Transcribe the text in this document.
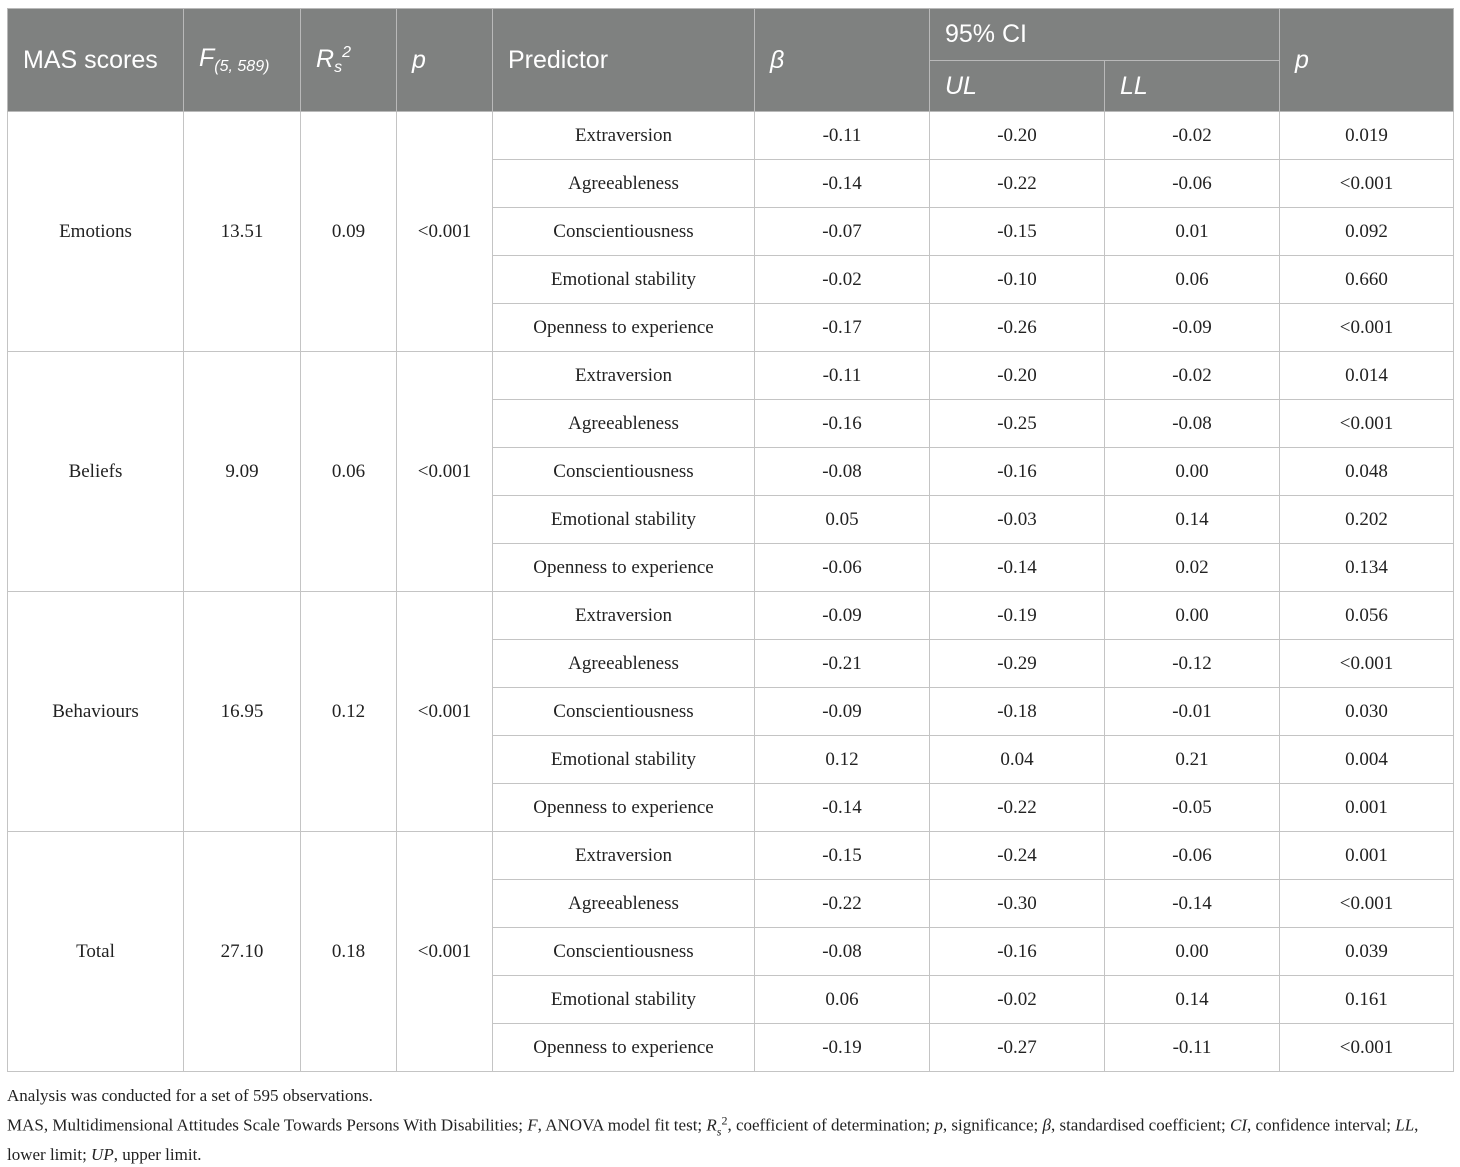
MAS scores	$F_{(5, 589)}$	$R_s^2$	p	Predictor	β	95% CI		p
						UL	LL	
Emotions	13.51	0.09	<0.001	Extraversion	-0.11	-0.20	-0.02	0.019
				Agreeableness	-0.14	-0.22	-0.06	<0.001
				Conscientiousness	-0.07	-0.15	0.01	0.092
				Emotional stability	-0.02	-0.10	0.06	0.660
				Openness to experience	-0.17	-0.26	-0.09	<0.001
Beliefs	9.09	0.06	<0.001	Extraversion	-0.11	-0.20	-0.02	0.014
				Agreeableness	-0.16	-0.25	-0.08	<0.001
				Conscientiousness	-0.08	-0.16	0.00	0.048
				Emotional stability	0.05	-0.03	0.14	0.202
				Openness to experience	-0.06	-0.14	0.02	0.134
Behaviours	16.95	0.12	<0.001	Extraversion	-0.09	-0.19	0.00	0.056
				Agreeableness	-0.21	-0.29	-0.12	<0.001
				Conscientiousness	-0.09	-0.18	-0.01	0.030
				Emotional stability	0.12	0.04	0.21	0.004
				Openness to experience	-0.14	-0.22	-0.05	0.001
Total	27.10	0.18	<0.001	Extraversion	-0.15	-0.24	-0.06	0.001
				Agreeableness	-0.22	-0.30	-0.14	<0.001
				Conscientiousness	-0.08	-0.16	0.00	0.039
				Emotional stability	0.06	-0.02	0.14	0.161
				Openness to experience	-0.19	-0.27	-0.11	<0.001

Analysis was conducted for a set of 595 observations.

MAS, Multidimensional Attitudes Scale Towards Persons With Disabilities; F, ANOVA model fit test; $R_s^2$, coefficient of determination; p, significance; β, standardised coefficient; CI, confidence interval; LL, lower limit; UP, upper limit.
